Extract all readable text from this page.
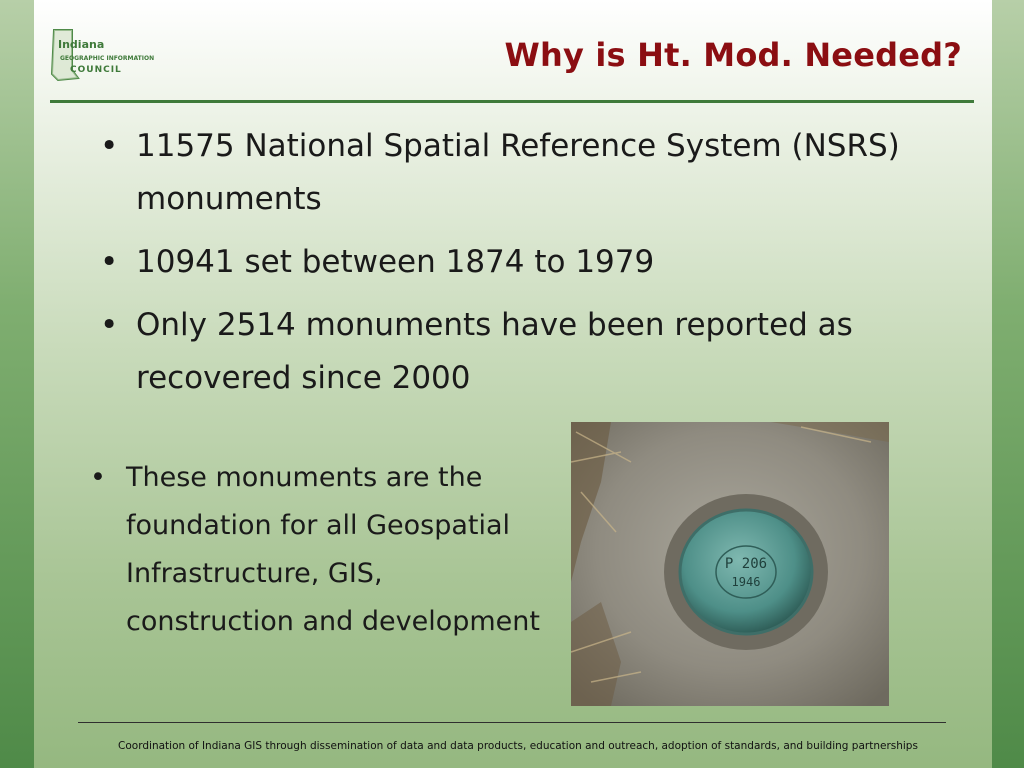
Indiana
GEOGRAPHIC INFORMATION
COUNCIL	Why is Ht. Mod. Needed?
• 11575 National Spatial Reference System (NSRS) monuments
• 10941 set between 1874 to 1979
• Only 2514 monuments have been reported as recovered since 2000
• These monuments are the foundation for all Geospatial Infrastructure, GIS, construction and development
P 206
1946
Coordination of Indiana GIS through dissemination of data and data products, education and outreach, adoption of standards, and building partnerships
